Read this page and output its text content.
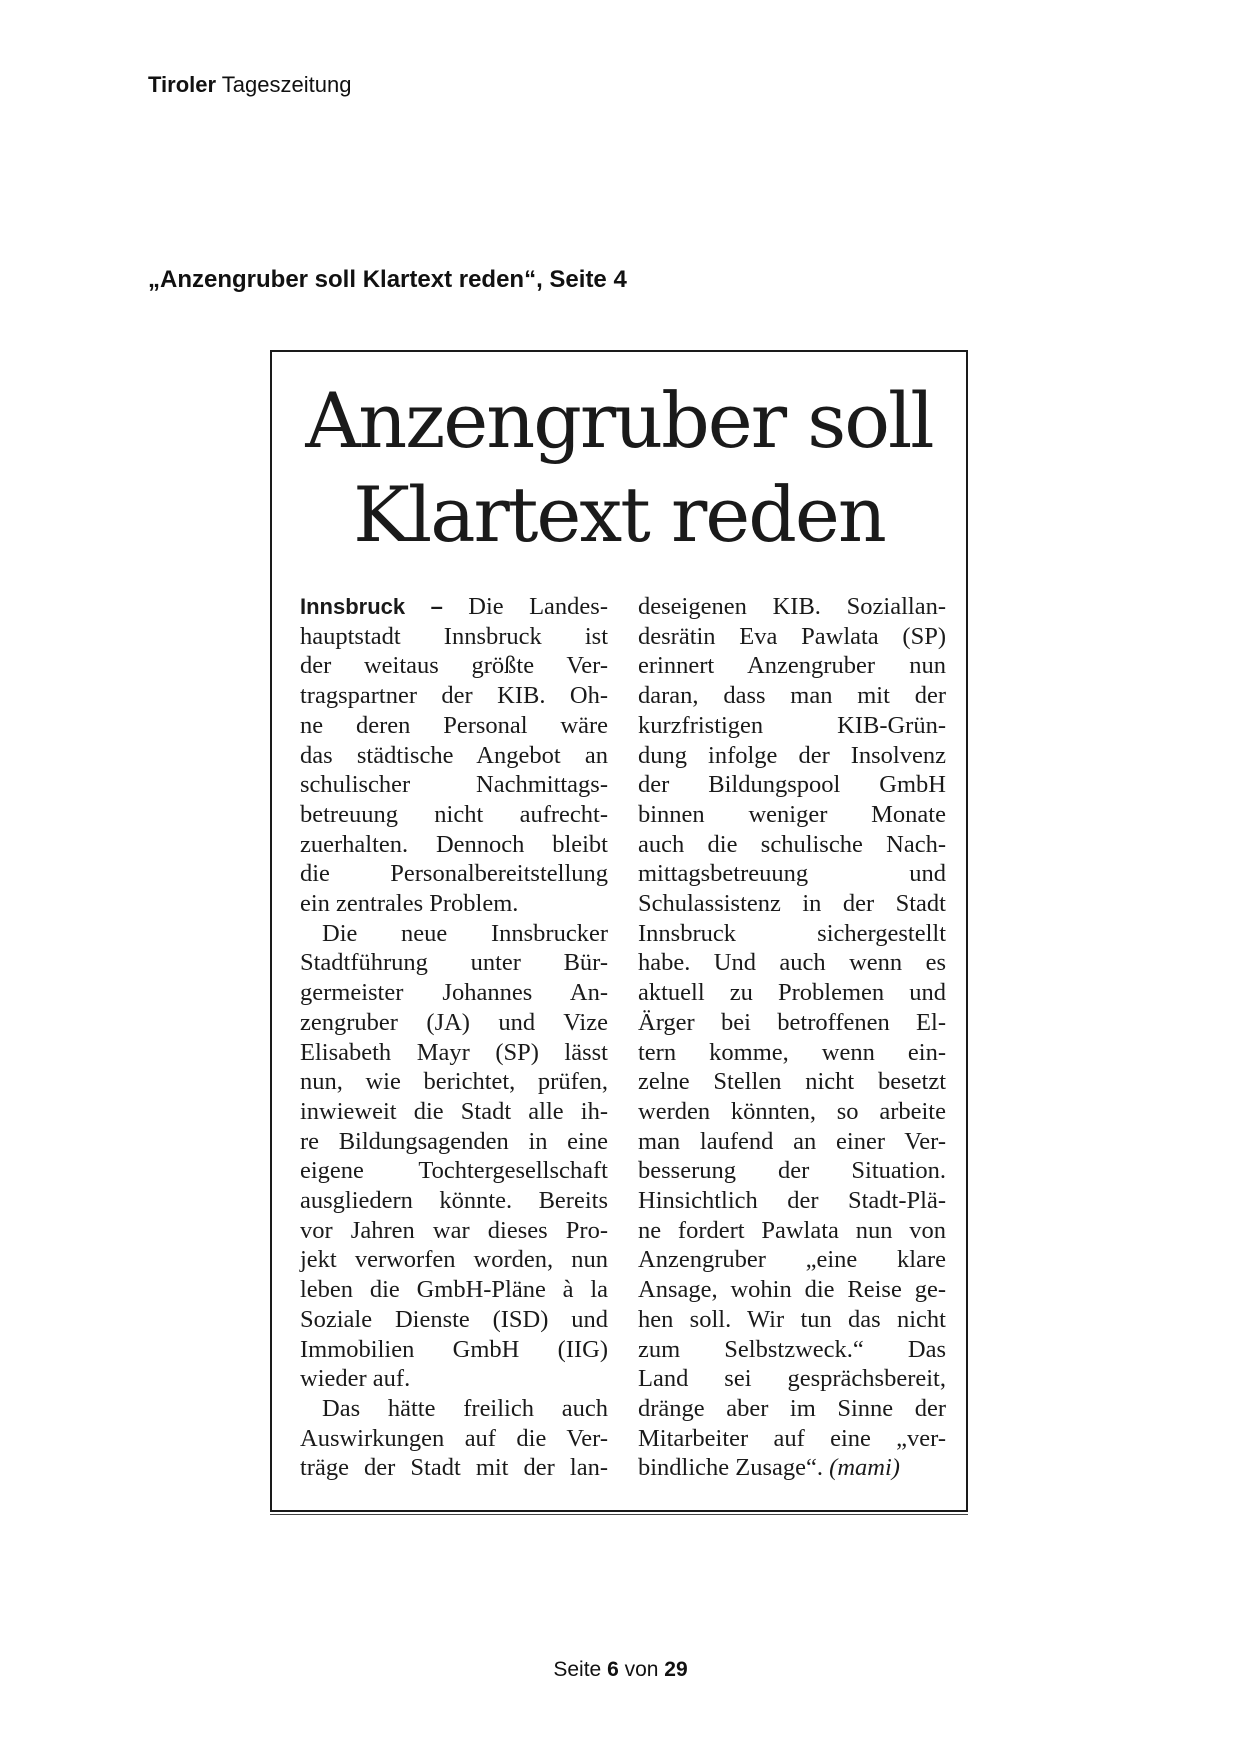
Tiroler Tageszeitung
„Anzengruber soll Klartext reden“, Seite 4
Anzengruber soll
Klartext reden
Innsbruck – Die Landes-
hauptstadt Innsbruck ist
der weitaus größte Ver-
tragspartner der KIB. Oh-
ne deren Personal wäre
das städtische Angebot an
schulischer Nachmittags-
betreuung nicht aufrecht-
zuerhalten. Dennoch bleibt
die Personalbereitstellung
ein zentrales Problem.
Die neue Innsbrucker
Stadtführung unter Bür-
germeister Johannes An-
zengruber (JA) und Vize
Elisabeth Mayr (SP) lässt
nun, wie berichtet, prüfen,
inwieweit die Stadt alle ih-
re Bildungsagenden in eine
eigene Tochtergesellschaft
ausgliedern könnte. Bereits
vor Jahren war dieses Pro-
jekt verworfen worden, nun
leben die GmbH-Pläne à la
Soziale Dienste (ISD) und
Immobilien GmbH (IIG)
wieder auf.
Das hätte freilich auch
Auswirkungen auf die Ver-
träge der Stadt mit der lan-
deseigenen KIB. Soziallan-
desrätin Eva Pawlata (SP)
erinnert Anzengruber nun
daran, dass man mit der
kurzfristigen KIB-Grün-
dung infolge der Insolvenz
der Bildungspool GmbH
binnen weniger Monate
auch die schulische Nach-
mittagsbetreuung und
Schulassistenz in der Stadt
Innsbruck sichergestellt
habe. Und auch wenn es
aktuell zu Problemen und
Ärger bei betroffenen El-
tern komme, wenn ein-
zelne Stellen nicht besetzt
werden könnten, so arbeite
man laufend an einer Ver-
besserung der Situation.
Hinsichtlich der Stadt-Plä-
ne fordert Pawlata nun von
Anzengruber „eine klare
Ansage, wohin die Reise ge-
hen soll. Wir tun das nicht
zum Selbstzweck.“ Das
Land sei gesprächsbereit,
dränge aber im Sinne der
Mitarbeiter auf eine „ver-
bindliche Zusage“. (mami)
Seite 6 von 29
